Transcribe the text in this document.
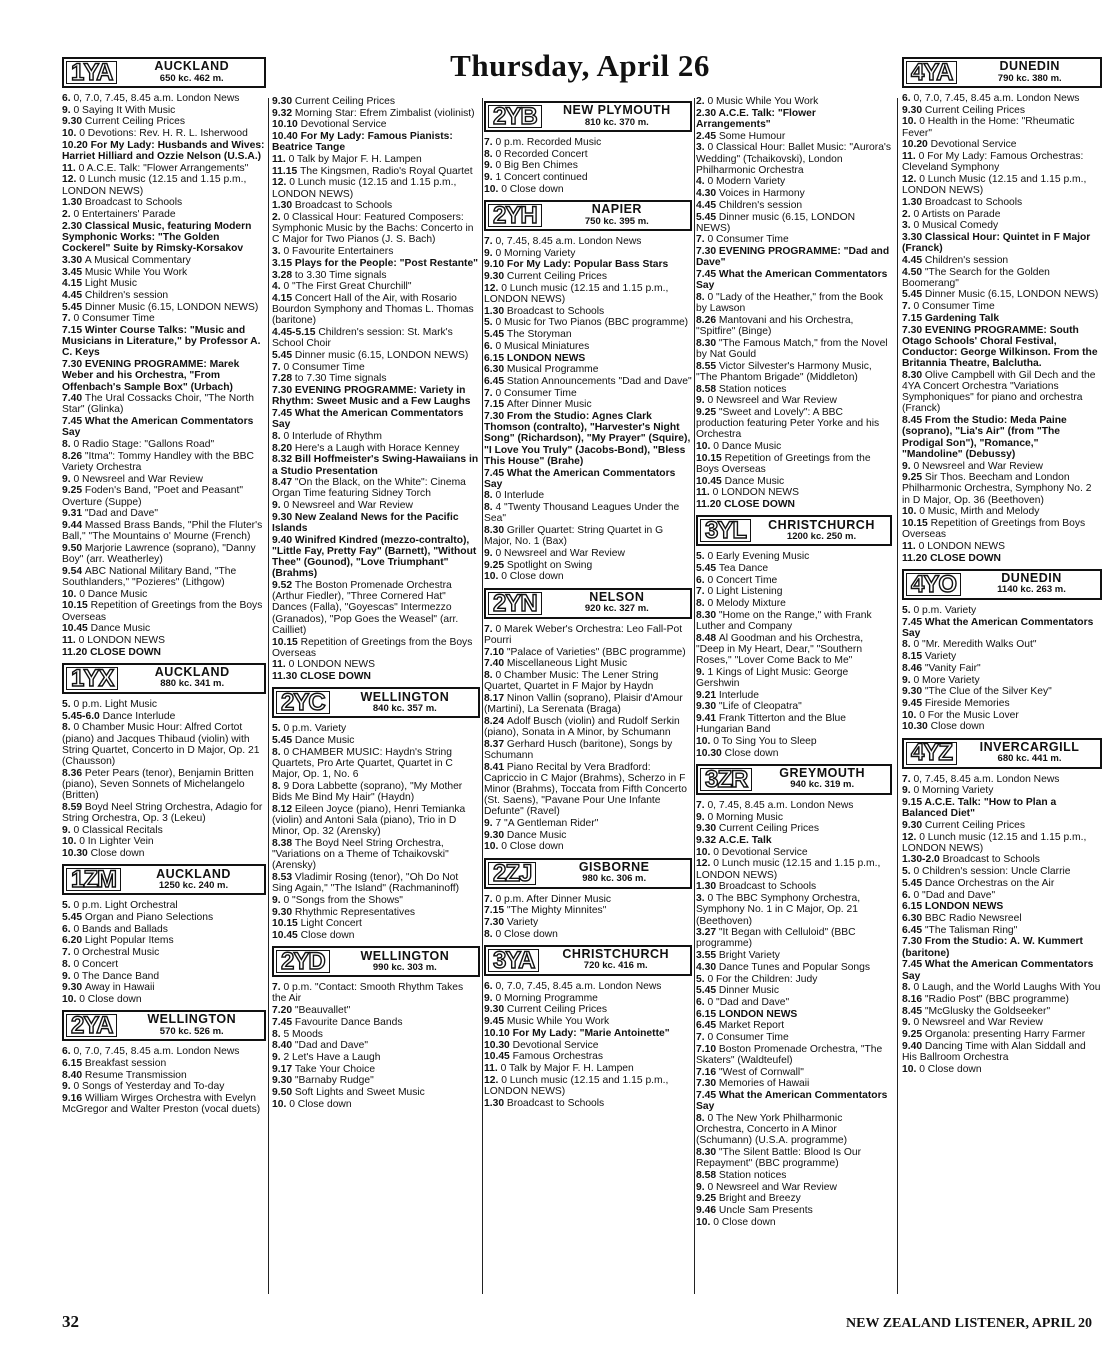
Thursday, April 26
1YA	AUCKLAND
650 kc. 462 m.
6. 0, 7.0, 7.45, 8.45 a.m. London News
9. 0 Saying It With Music
9.30 Current Ceiling Prices
10. 0 Devotions: Rev. H. R. L. Isherwood
10.20 For My Lady: Husbands and Wives: Harriet Hilliard and Ozzie Nelson (U.S.A.)
11. 0 A.C.E. Talk: "Flower Arrangements"
12. 0 Lunch music (12.15 and 1.15 p.m., LONDON NEWS)
1.30 Broadcast to Schools
2. 0 Entertainers' Parade
2.30 Classical Music, featuring Modern Symphonic Works: "The Golden Cockerel" Suite by Rimsky-Korsakov
3.30 A Musical Commentary
3.45 Music While You Work
4.15 Light Music
4.45 Children's session
5.45 Dinner Music (6.15, LONDON NEWS)
7. 0 Consumer Time
7.15 Winter Course Talks: "Music and Musicians in Literature," by Professor A. C. Keys
7.30 EVENING PROGRAMME: Marek Weber and his Orchestra, "From Offenbach's Sample Box" (Urbach)
7.40 The Ural Cossacks Choir, "The North Star" (Glinka)
7.45 What the American Commentators Say
8. 0 Radio Stage: "Gallons Road"
8.26 "Itma": Tommy Handley with the BBC Variety Orchestra
9. 0 Newsreel and War Review
9.25 Foden's Band, "Poet and Peasant" Overture (Suppe)
9.31 "Dad and Dave"
9.44 Massed Brass Bands, "Phil the Fluter's Ball," "The Mountains o' Mourne (French)
9.50 Marjorie Lawrence (soprano), "Danny Boy" (arr. Weatherley)
9.54 ABC National Military Band, "The Southlanders," "Pozieres" (Lithgow)
10. 0 Dance Music
10.15 Repetition of Greetings from the Boys Overseas
10.45 Dance Music
11. 0 LONDON NEWS
11.20 CLOSE DOWN
1YX	AUCKLAND
880 kc. 341 m.
5. 0 p.m. Light Music
5.45-6.0 Dance Interlude
8. 0 Chamber Music Hour: Alfred Cortot (piano) and Jacques Thibaud (violin) with String Quartet, Concerto in D Major, Op. 21 (Chausson)
8.36 Peter Pears (tenor), Benjamin Britten (piano), Seven Sonnets of Michelangelo (Britten)
8.59 Boyd Neel String Orchestra, Adagio for String Orchestra, Op. 3 (Lekeu)
9. 0 Classical Recitals
10. 0 In Lighter Vein
10.30 Close down
1ZM	AUCKLAND
1250 kc. 240 m.
5. 0 p.m. Light Orchestral
5.45 Organ and Piano Selections
6. 0 Bands and Ballads
6.20 Light Popular Items
7. 0 Orchestral Music
8. 0 Concert
9. 0 The Dance Band
9.30 Away in Hawaii
10. 0 Close down
2YA	WELLINGTON
570 kc. 526 m.
6. 0, 7.0, 7.45, 8.45 a.m. London News
6.15 Breakfast session
8.40 Resume Transmission
9. 0 Songs of Yesterday and To-day
9.16 William Wirges Orchestra with Evelyn McGregor and Walter Preston (vocal duets)
9.30 Current Ceiling Prices
9.32 Morning Star: Efrem Zimbalist (violinist)
10.10 Devotional Service
10.40 For My Lady: Famous Pianists: Beatrice Tange
11. 0 Talk by Major F. H. Lampen
11.15 The Kingsmen, Radio's Royal Quartet
12. 0 Lunch music (12.15 and 1.15 p.m., LONDON NEWS)
1.30 Broadcast to Schools
2. 0 Classical Hour: Featured Composers: Symphonic Music by the Bachs: Concerto in C Major for Two Pianos (J. S. Bach)
3. 0 Favourite Entertainers
3.15 Plays for the People: "Post Restante"
3.28 to 3.30 Time signals
4. 0 "The First Great Churchill"
4.15 Concert Hall of the Air, with Rosario Bourdon Symphony and Thomas L. Thomas (baritone)
4.45-5.15 Children's session: St. Mark's School Choir
5.45 Dinner music (6.15, LONDON NEWS)
7. 0 Consumer Time
7.28 to 7.30 Time signals
7.30 EVENING PROGRAMME: Variety in Rhythm: Sweet Music and a Few Laughs
7.45 What the American Commentators Say
8. 0 Interlude of Rhythm
8.20 Here's a Laugh with Horace Kenney
8.32 Bill Hoffmeister's Swing-Hawaiians in a Studio Presentation
8.47 "On the Black, on the White": Cinema Organ Time featuring Sidney Torch
9. 0 Newsreel and War Review
9.30 New Zealand News for the Pacific Islands
9.40 Winifred Kindred (mezzo-contralto), "Little Fay, Pretty Fay" (Barnett), "Without Thee" (Gounod), "Love Triumphant" (Brahms)
9.52 The Boston Promenade Orchestra (Arthur Fiedler), "Three Cornered Hat" Dances (Falla), "Goyescas" Intermezzo (Granados), "Pop Goes the Weasel" (arr. Cailliet)
10.15 Repetition of Greetings from the Boys Overseas
11. 0 LONDON NEWS
11.30 CLOSE DOWN
2YC	WELLINGTON
840 kc. 357 m.
5. 0 p.m. Variety
5.45 Dance Music
8. 0 CHAMBER MUSIC: Haydn's String Quartets, Pro Arte Quartet, Quartet in C Major, Op. 1, No. 6
8. 9 Dora Labbette (soprano), "My Mother Bids Me Bind My Hair" (Haydn)
8.12 Eileen Joyce (piano), Henri Temianka (violin) and Antoni Sala (piano), Trio in D Minor, Op. 32 (Arensky)
8.38 The Boyd Neel String Orchestra, "Variations on a Theme of Tchaikovski" (Arensky)
8.53 Vladimir Rosing (tenor), "Oh Do Not Sing Again," "The Island" (Rachmaninoff)
9. 0 "Songs from the Shows"
9.30 Rhythmic Representatives
10.15 Light Concert
10.45 Close down
2YD	WELLINGTON
990 kc. 303 m.
7. 0 p.m. "Contact: Smooth Rhythm Takes the Air
7.20 "Beauvallet"
7.45 Favourite Dance Bands
8. 5 Moods
8.40 "Dad and Dave"
9. 2 Let's Have a Laugh
9.17 Take Your Choice
9.30 "Barnaby Rudge"
9.50 Soft Lights and Sweet Music
10. 0 Close down
2YB	NEW PLYMOUTH
810 kc. 370 m.
7. 0 p.m. Recorded Music
8. 0 Recorded Concert
9. 0 Big Ben Chimes
9. 1 Concert continued
10. 0 Close down
2YH	NAPIER
750 kc. 395 m.
7. 0, 7.45, 8.45 a.m. London News
9. 0 Morning Variety
9.10 For My Lady: Popular Bass Stars
9.30 Current Ceiling Prices
12. 0 Lunch music (12.15 and 1.15 p.m., LONDON NEWS)
1.30 Broadcast to Schools
5. 0 Music for Two Pianos (BBC programme)
5.45 The Storyman
6. 0 Musical Miniatures
6.15 LONDON NEWS
6.30 Musical Programme
6.45 Station Announcements "Dad and Dave"
7. 0 Consumer Time
7.15 After Dinner Music
7.30 From the Studio: Agnes Clark Thomson (contralto), "Harvester's Night Song" (Richardson), "My Prayer" (Squire), "I Love You Truly" (Jacobs-Bond), "Bless This House" (Brahe)
7.45 What the American Commentators Say
8. 0 Interlude
8. 4 "Twenty Thousand Leagues Under the Sea"
8.30 Griller Quartet: String Quartet in G Major, No. 1 (Bax)
9. 0 Newsreel and War Review
9.25 Spotlight on Swing
10. 0 Close down
2YN	NELSON
920 kc. 327 m.
7. 0 Marek Weber's Orchestra: Leo Fall-Pot Pourri
7.10 "Palace of Varieties" (BBC programme)
7.40 Miscellaneous Light Music
8. 0 Chamber Music: The Lener String Quartet, Quartet in F Major by Haydn
8.17 Ninon Vallin (soprano), Plaisir d'Amour (Martini), La Serenata (Braga)
8.24 Adolf Busch (violin) and Rudolf Serkin (piano), Sonata in A Minor, by Schumann
8.37 Gerhard Husch (baritone), Songs by Schumann
8.41 Piano Recital by Vera Bradford: Capriccio in C Major (Brahms), Scherzo in F Minor (Brahms), Toccata from Fifth Concerto (St. Saens), "Pavane Pour Une Infante Defunte" (Ravel)
9. 7 "A Gentleman Rider"
9.30 Dance Music
10. 0 Close down
2ZJ	GISBORNE
980 kc. 306 m.
7. 0 p.m. After Dinner Music
7.15 "The Mighty Minnites"
7.30 Variety
8. 0 Close down
3YA	CHRISTCHURCH
720 kc. 416 m.
6. 0, 7.0, 7.45, 8.45 a.m. London News
9. 0 Morning Programme
9.30 Current Ceiling Prices
9.45 Music While You Work
10.10 For My Lady: "Marie Antoinette"
10.30 Devotional Service
10.45 Famous Orchestras
11. 0 Talk by Major F. H. Lampen
12. 0 Lunch music (12.15 and 1.15 p.m., LONDON NEWS)
1.30 Broadcast to Schools
2. 0 Music While You Work
2.30 A.C.E. Talk: "Flower Arrangements"
2.45 Some Humour
3. 0 Classical Hour: Ballet Music: "Aurora's Wedding" (Tchaikovski), London Philharmonic Orchestra
4. 0 Modern Variety
4.30 Voices in Harmony
4.45 Children's session
5.45 Dinner music (6.15, LONDON NEWS)
7. 0 Consumer Time
7.30 EVENING PROGRAMME: "Dad and Dave"
7.45 What the American Commentators Say
8. 0 "Lady of the Heather," from the Book by Lawson
8.26 Mantovani and his Orchestra, "Spitfire" (Binge)
8.30 "The Famous Match," from the Novel by Nat Gould
8.55 Victor Silvester's Harmony Music, "The Phantom Brigade" (Middleton)
8.58 Station notices
9. 0 Newsreel and War Review
9.25 "Sweet and Lovely": A BBC production featuring Peter Yorke and his Orchestra
10. 0 Dance Music
10.15 Repetition of Greetings from the Boys Overseas
10.45 Dance Music
11. 0 LONDON NEWS
11.20 CLOSE DOWN
3YL	CHRISTCHURCH
1200 kc. 250 m.
5. 0 Early Evening Music
5.45 Tea Dance
6. 0 Concert Time
7. 0 Light Listening
8. 0 Melody Mixture
8.30 "Home on the Range," with Frank Luther and Company
8.48 Al Goodman and his Orchestra, "Deep in My Heart, Dear," "Southern Roses," "Lover Come Back to Me"
9. 1 Kings of Light Music: George Gershwin
9.21 Interlude
9.30 "Life of Cleopatra"
9.41 Frank Titterton and the Blue Hungarian Band
10. 0 To Sing You to Sleep
10.30 Close down
3ZR	GREYMOUTH
940 kc. 319 m.
7. 0, 7.45, 8.45 a.m. London News
9. 0 Morning Music
9.30 Current Ceiling Prices
9.32 A.C.E. Talk
10. 0 Devotional Service
12. 0 Lunch music (12.15 and 1.15 p.m., LONDON NEWS)
1.30 Broadcast to Schools
3. 0 The BBC Symphony Orchestra, Symphony No. 1 in C Major, Op. 21 (Beethoven)
3.27 "It Began with Celluloid" (BBC programme)
3.55 Bright Variety
4.30 Dance Tunes and Popular Songs
5. 0 For the Children: Judy
5.45 Dinner Music
6. 0 "Dad and Dave"
6.15 LONDON NEWS
6.45 Market Report
7. 0 Consumer Time
7.10 Boston Promenade Orchestra, "The Skaters" (Waldteufel)
7.16 "West of Cornwall"
7.30 Memories of Hawaii
7.45 What the American Commentators Say
8. 0 The New York Philharmonic Orchestra, Concerto in A Minor (Schumann) (U.S.A. programme)
8.30 "The Silent Battle: Blood Is Our Repayment" (BBC programme)
8.58 Station notices
9. 0 Newsreel and War Review
9.25 Bright and Breezy
9.46 Uncle Sam Presents
10. 0 Close down
4YA	DUNEDIN
790 kc. 380 m.
6. 0, 7.0, 7.45, 8.45 a.m. London News
9.30 Current Ceiling Prices
10. 0 Health in the Home: "Rheumatic Fever"
10.20 Devotional Service
11. 0 For My Lady: Famous Orchestras: Cleveland Symphony
12. 0 Lunch Music (12.15 and 1.15 p.m., LONDON NEWS)
1.30 Broadcast to Schools
2. 0 Artists on Parade
3. 0 Musical Comedy
3.30 Classical Hour: Quintet in F Major (Franck)
4.45 Children's session
4.50 "The Search for the Golden Boomerang"
5.45 Dinner Music (6.15, LONDON NEWS)
7. 0 Consumer Time
7.15 Gardening Talk
7.30 EVENING PROGRAMME: South Otago Schools' Choral Festival, Conductor: George Wilkinson. From the Britannia Theatre, Balclutha.
8.30 Olive Campbell with Gil Dech and the 4YA Concert Orchestra "Variations Symphoniques" for piano and orchestra (Franck)
8.45 From the Studio: Meda Paine (soprano), "Lia's Air" (from "The Prodigal Son"), "Romance," "Mandoline" (Debussy)
9. 0 Newsreel and War Review
9.25 Sir Thos. Beecham and London Philharmonic Orchestra, Symphony No. 2 in D Major, Op. 36 (Beethoven)
10. 0 Music, Mirth and Melody
10.15 Repetition of Greetings from Boys Overseas
11. 0 LONDON NEWS
11.20 CLOSE DOWN
4YO	DUNEDIN
1140 kc. 263 m.
5. 0 p.m. Variety
7.45 What the American Commentators Say
8. 0 "Mr. Meredith Walks Out"
8.15 Variety
8.46 "Vanity Fair"
9. 0 More Variety
9.30 "The Clue of the Silver Key"
9.45 Fireside Memories
10. 0 For the Music Lover
10.30 Close down
4YZ	INVERCARGILL
680 kc. 441 m.
7. 0, 7.45, 8.45 a.m. London News
9. 0 Morning Variety
9.15 A.C.E. Talk: "How to Plan a Balanced Diet"
9.30 Current Ceiling Prices
12. 0 Lunch music (12.15 and 1.15 p.m., LONDON NEWS)
1.30-2.0 Broadcast to Schools
5. 0 Children's session: Uncle Clarrie
5.45 Dance Orchestras on the Air
6. 0 "Dad and Dave"
6.15 LONDON NEWS
6.30 BBC Radio Newsreel
6.45 "The Talisman Ring"
7.30 From the Studio: A. W. Kummert (baritone)
7.45 What the American Commentators Say
8. 0 Laugh, and the World Laughs With You
8.16 "Radio Post" (BBC programme)
8.45 "McGlusky the Goldseeker"
9. 0 Newsreel and War Review
9.25 Organola: presenting Harry Farmer
9.40 Dancing Time with Alan Siddall and His Ballroom Orchestra
10. 0 Close down
32	NEW ZEALAND LISTENER, APRIL 20
